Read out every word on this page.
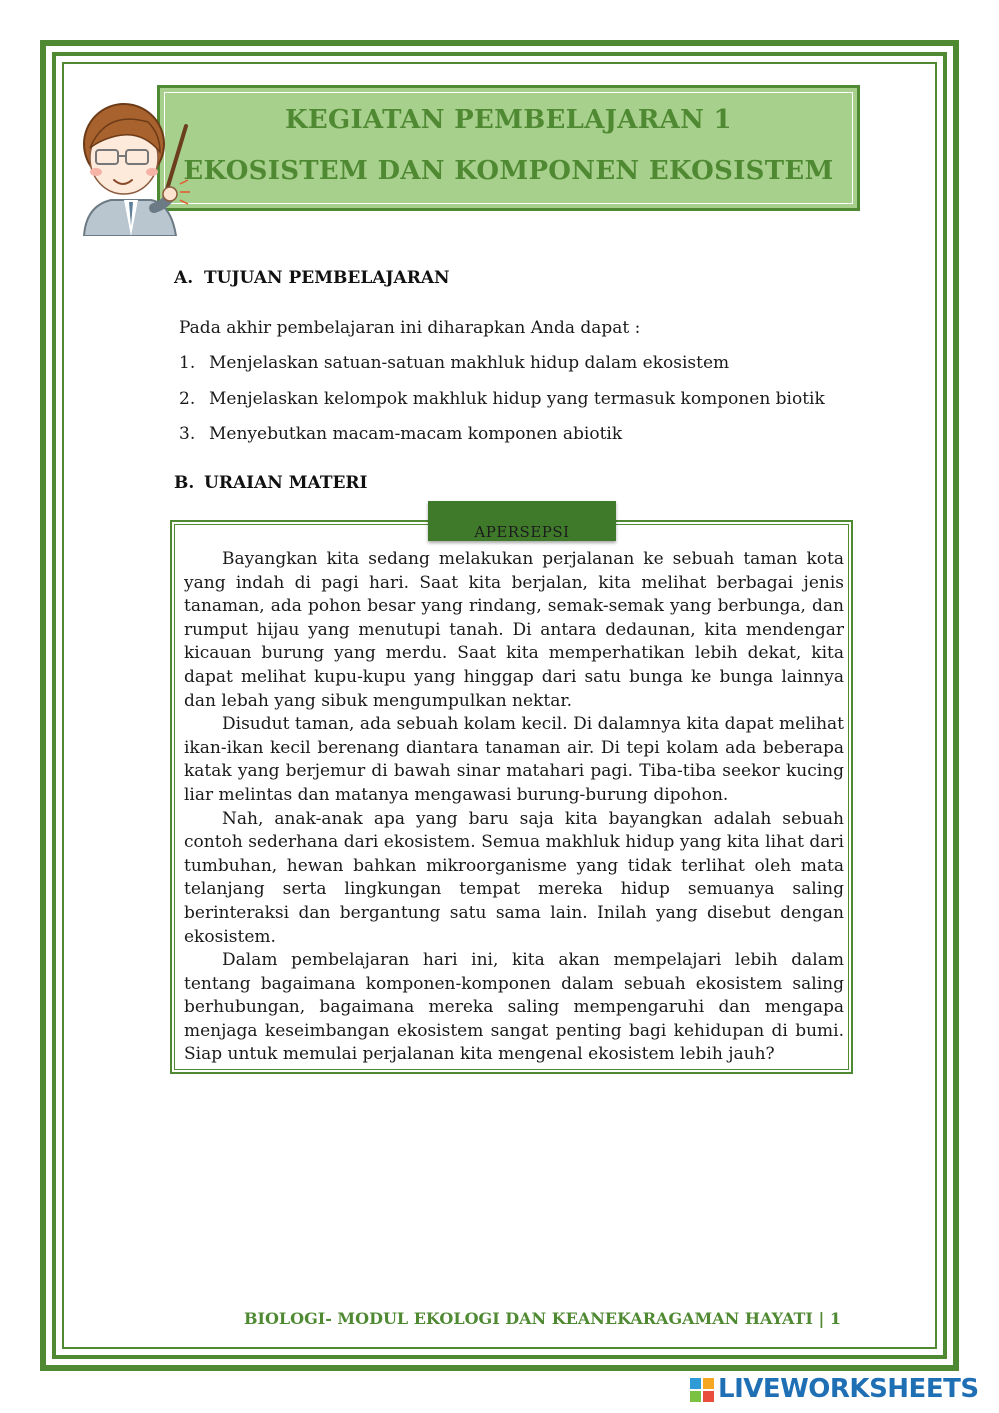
KEGIATAN PEMBELAJARAN 1
EKOSISTEM DAN KOMPONEN EKOSISTEM
A. TUJUAN PEMBELAJARAN
Pada akhir pembelajaran ini diharapkan Anda dapat :
1. Menjelaskan satuan-satuan makhluk hidup dalam ekosistem
2. Menjelaskan kelompok makhluk hidup yang termasuk komponen biotik
3. Menyebutkan macam-macam komponen abiotik
B. URAIAN MATERI
APERSEPSI

Bayangkan kita sedang melakukan perjalanan ke sebuah taman kota yang indah di pagi hari. Saat kita berjalan, kita melihat berbagai jenis tanaman, ada pohon besar yang rindang, semak-semak yang berbunga, dan rumput hijau yang menutupi tanah. Di antara dedaunan, kita mendengar kicauan burung yang merdu. Saat kita memperhatikan lebih dekat, kita dapat melihat kupu-kupu yang hinggap dari satu bunga ke bunga lainnya dan lebah yang sibuk mengumpulkan nektar.

Disudut taman, ada sebuah kolam kecil. Di dalamnya kita dapat melihat ikan-ikan kecil berenang diantara tanaman air. Di tepi kolam ada beberapa katak yang berjemur di bawah sinar matahari pagi. Tiba-tiba seekor kucing liar melintas dan matanya mengawasi burung-burung dipohon.

Nah, anak-anak apa yang baru saja kita bayangkan adalah sebuah contoh sederhana dari ekosistem. Semua makhluk hidup yang kita lihat dari tumbuhan, hewan bahkan mikroorganisme yang tidak terlihat oleh mata telanjang serta lingkungan tempat mereka hidup semuanya saling berinteraksi dan bergantung satu sama lain. Inilah yang disebut dengan ekosistem.

Dalam pembelajaran hari ini, kita akan mempelajari lebih dalam tentang bagaimana komponen-komponen dalam sebuah ekosistem saling berhubungan, bagaimana mereka saling mempengaruhi dan mengapa menjaga keseimbangan ekosistem sangat penting bagi kehidupan di bumi. Siap untuk memulai perjalanan kita mengenal ekosistem lebih jauh?

BIOLOGI- MODUL EKOLOGI DAN KEANEKARAGAMAN HAYATI | 1
LIVEWORKSHEETS
